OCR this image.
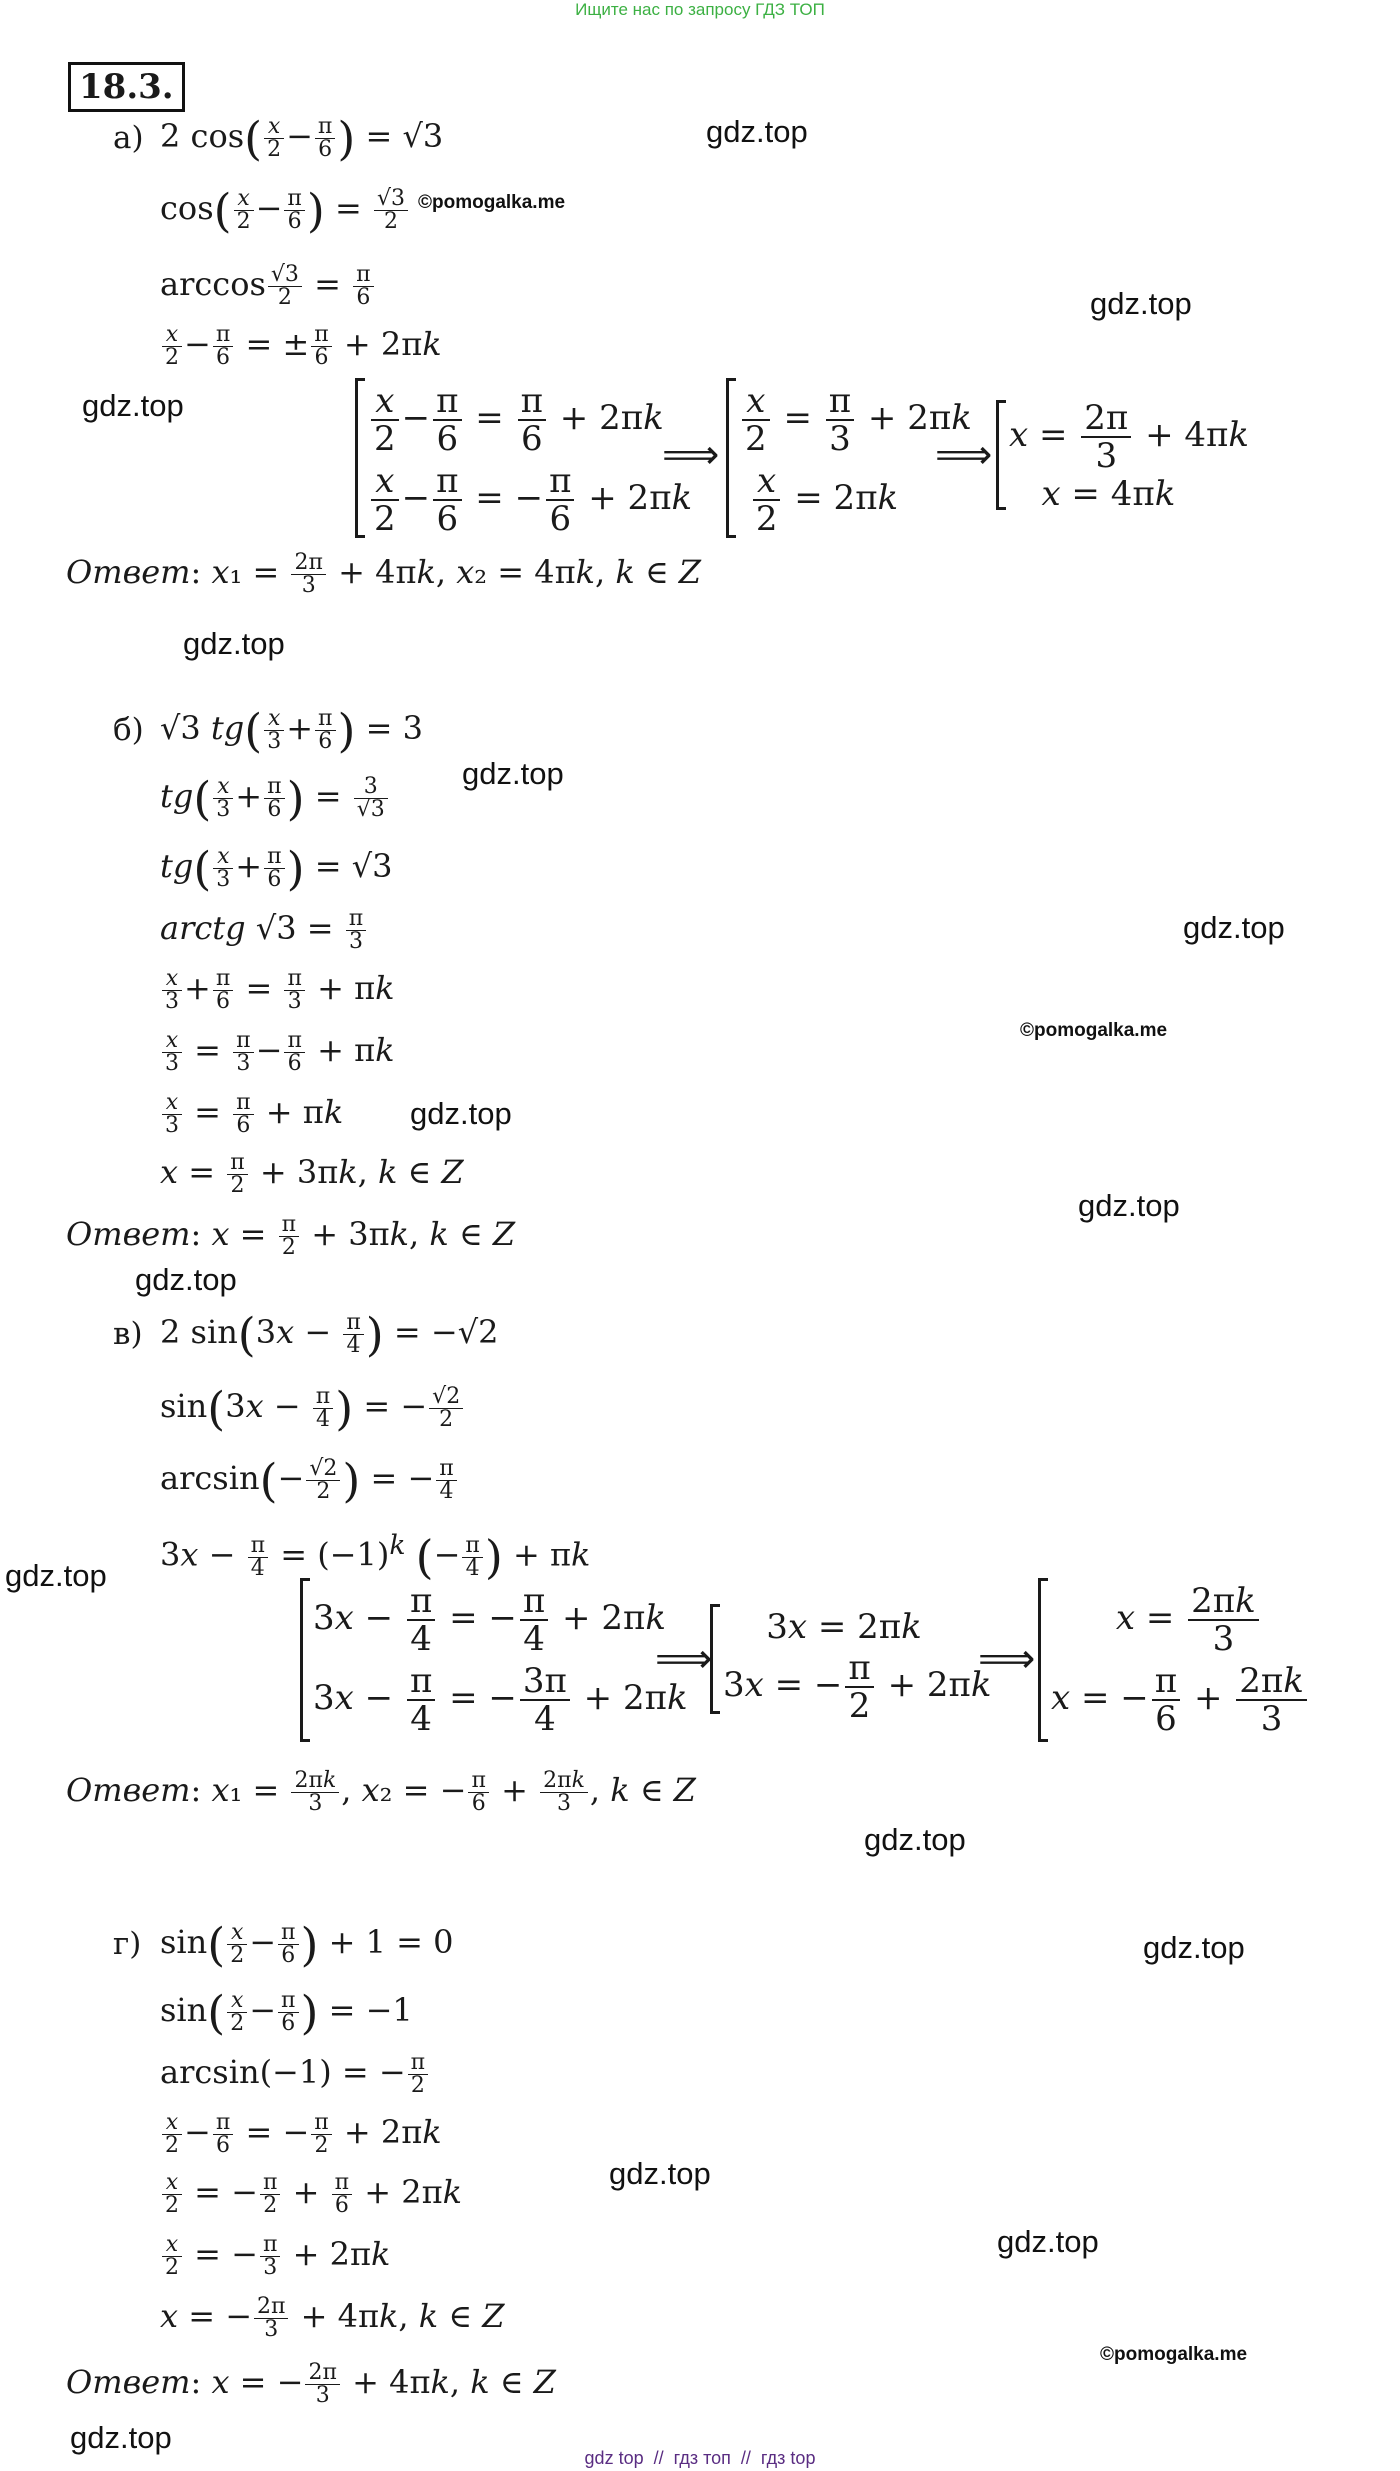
Ищите нас по запросу ГДЗ ТОП
18.3.
gdz.top
©pomogalka.me
gdz.top
gdz.top
gdz.top
gdz.top
gdz.top
©pomogalka.me
gdz.top
gdz.top
gdz.top
gdz.top
gdz.top
gdz.top
gdz.top
gdz.top
©pomogalka.me
gdz.top
а) 2 $\cos( \frac{x}{2} - \frac{\pi}{6}$ ) = √3
$\cos( \frac{x}{2} - \frac{\pi}{6}$ ) = $\frac{√3}{2}$
$\arccos \frac{√3}{2} = \frac{\pi}{6}$
$\frac{x}{2} - \frac{\pi}{6}$ = ± $\frac{\pi}{6} + 2\pi k$
$\frac{x}{2} - \frac{\pi}{6} = \frac{\pi}{6} + 2\pi k$
$\frac{x}{2} - \frac{\pi}{6}$ = − $\frac{\pi}{6} + 2\pi k$
⟹ $\frac{x}{2} = \frac{\pi}{3} + 2\pi k$

$\frac{x}{2} = 2\pi k$
⟹ $x = \frac{2\pi}{3} + 4\pi k$
x = 4πk
Ответ: $x_1 = \frac{2\pi}{3} + 4\pi k$, x₂ = 4πk, k ∈ Z
б) √3 $tg( \frac{x}{3} + \frac{\pi}{6}$ ) = 3
$tg( \frac{x}{3} + \frac{\pi}{6}$ ) = $\frac{3}{√3}$
$tg( \frac{x}{3} + \frac{\pi}{6}$ ) = √3
arctg $√3 = \frac{\pi}{3}$
$\frac{x}{3} + \frac{\pi}{6} = \frac{\pi}{3} + \pi k$
$\frac{x}{3} = \frac{\pi}{3} - \frac{\pi}{6} + \pi k$
$\frac{x}{3} = \frac{\pi}{6} + \pi k$
$x = \frac{\pi}{2} + 3\pi k$, k ∈ Z
Ответ: $x = \frac{\pi}{2} + 3\pi k$, k ∈ Z
в) 2 $\sin(3x - \frac{\pi}{4}$ ) = −√2
$\sin(3x - \frac{\pi}{4}$ ) = − $\frac{√2}{2}$
$\arcsin(- \frac{√2}{2}$ ) = − $\frac{\pi}{4}$
$3x - \frac{\pi}{4} = (-1)^k$ (− $\frac{\pi}{4}$ ) + πk
$3x - \frac{\pi}{4}$ = − $\frac{\pi}{4} + 2\pi k$
$3x - \frac{\pi}{4}$ = − $\frac{3\pi}{4} + 2\pi k$
⟹
3x = 2πk
3x = − $\frac{\pi}{2} + 2\pi k$
⟹
$x = \frac{2\pi k}{3}$
x = − $\frac{\pi}{6} + \frac{2\pi k}{3}$
Ответ: $x_1 = \frac{2\pi k}{3}$ , x₂ = − $\frac{\pi}{6} + \frac{2\pi k}{3}$ , k ∈ Z
г) $\sin( \frac{x}{2} - \frac{\pi}{6}$ ) + 1 = 0
$\sin( \frac{x}{2} - \frac{\pi}{6}$ ) = −1
arcsin(−1) = − $\frac{\pi}{2}$
$\frac{x}{2} - \frac{\pi}{6}$ = − $\frac{\pi}{2} + 2\pi k$
$\frac{x}{2}$ = − $\frac{\pi}{2} + \frac{\pi}{6} + 2\pi k$
$\frac{x}{2}$ = − $\frac{\pi}{3} + 2\pi k$
x = − $\frac{2\pi}{3} + 4\pi k$, k ∈ Z
Ответ: x = − $\frac{2\pi}{3} + 4\pi k$, k ∈ Z
gdz top  //  гдз топ  //  гдз top
